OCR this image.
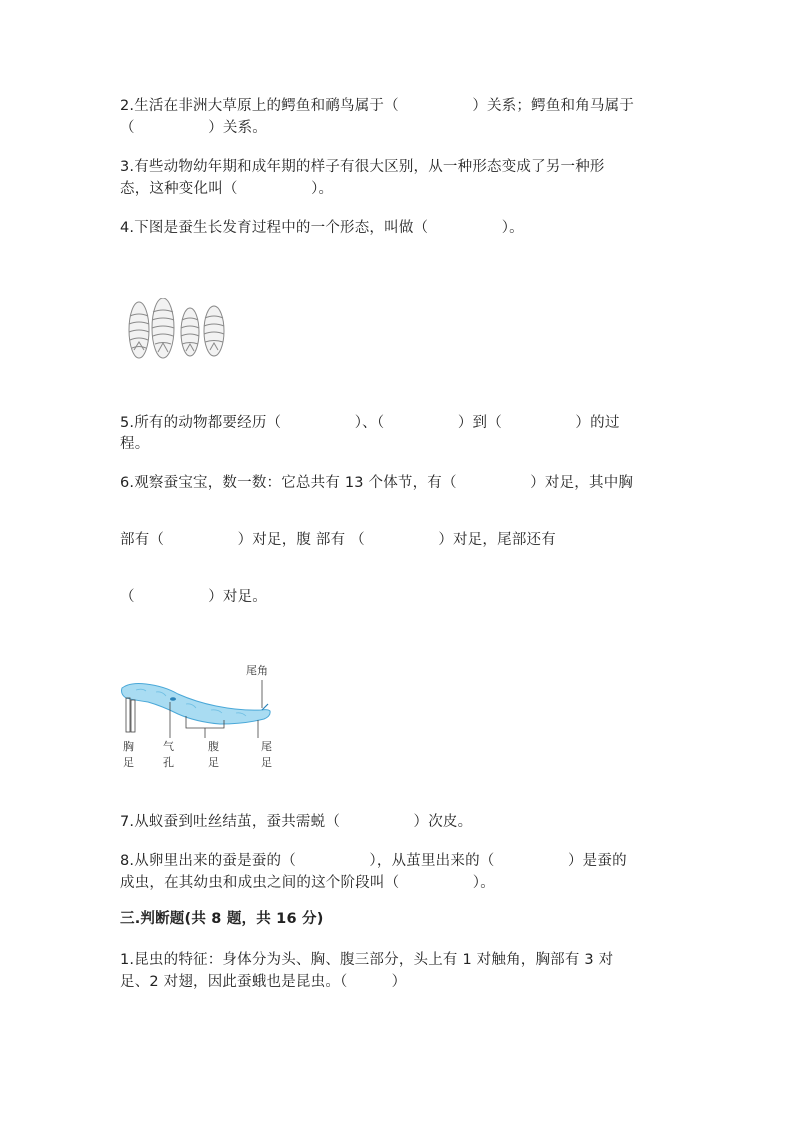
2.生活在非洲大草原上的鳄鱼和鸸鸟属于（　　　　　）关系；鳄鱼和角马属于
（　　　　　）关系。
3.有些动物幼年期和成年期的样子有很大区别，从一种形态变成了另一种形
态，这种变化叫（　　　　　）。
4.下图是蚕生长发育过程中的一个形态，叫做（　　　　　）。
5.所有的动物都要经历（　　　　　）、（　　　　　）到（　　　　　）的过
程。
6.观察蚕宝宝，数一数：它总共有 13 个体节，有（　　　　　）对足，其中胸
部有（　　　　　）对足，腹 部有 （　　　　　）对足，尾部还有
（　　　　　）对足。
尾角
胸
足
气
孔
腹
足
尾
足
7.从蚁蚕到吐丝结茧，蚕共需蜕（　　　　　）次皮。
8.从卵里出来的蚕是蚕的（　　　　　），从茧里出来的（　　　　　）是蚕的
成虫，在其幼虫和成虫之间的这个阶段叫（　　　　　）。
三.判断题(共 8 题，共 16 分)
1.昆虫的特征：身体分为头、胸、腹三部分，头上有 1 对触角，胸部有 3 对
足、2 对翅，因此蚕蛾也是昆虫。（　　　）
